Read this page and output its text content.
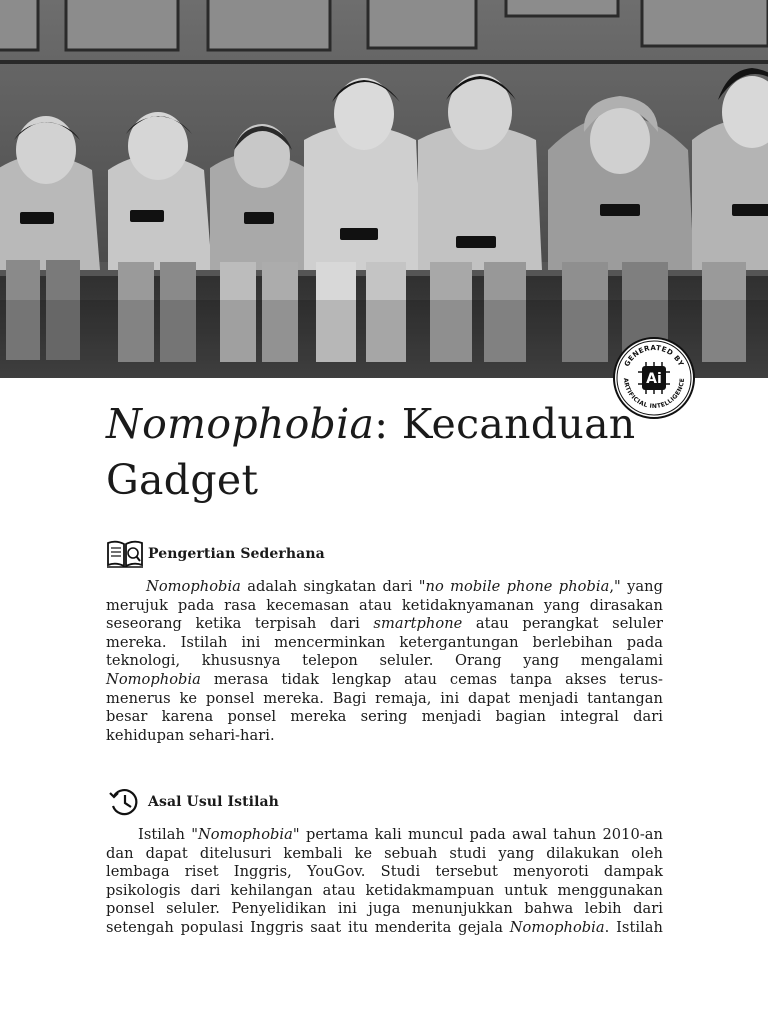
GENERATED BY
ARTIFICIAL INTELLIGENCE
Ai
Nomophobia: Kecanduan
Gadget
Pengertian Sederhana
Nomophobia adalah singkatan dari "no mobile phone phobia," yang
merujuk pada rasa kecemasan atau ketidaknyamanan yang dirasakan
seseorang ketika terpisah dari smartphone atau perangkat seluler
mereka. Istilah ini mencerminkan ketergantungan berlebihan pada
teknologi, khususnya telepon seluler. Orang yang mengalami
Nomophobia merasa tidak lengkap atau cemas tanpa akses terus-
menerus ke ponsel mereka. Bagi remaja, ini dapat menjadi tantangan
besar karena ponsel mereka sering menjadi bagian integral dari
kehidupan sehari-hari.
Asal Usul Istilah
Istilah "Nomophobia" pertama kali muncul pada awal tahun 2010-an
dan dapat ditelusuri kembali ke sebuah studi yang dilakukan oleh
lembaga riset Inggris, YouGov. Studi tersebut menyoroti dampak
psikologis dari kehilangan atau ketidakmampuan untuk menggunakan
ponsel seluler. Penyelidikan ini juga menunjukkan bahwa lebih dari
setengah populasi Inggris saat itu menderita gejala Nomophobia. Istilah
